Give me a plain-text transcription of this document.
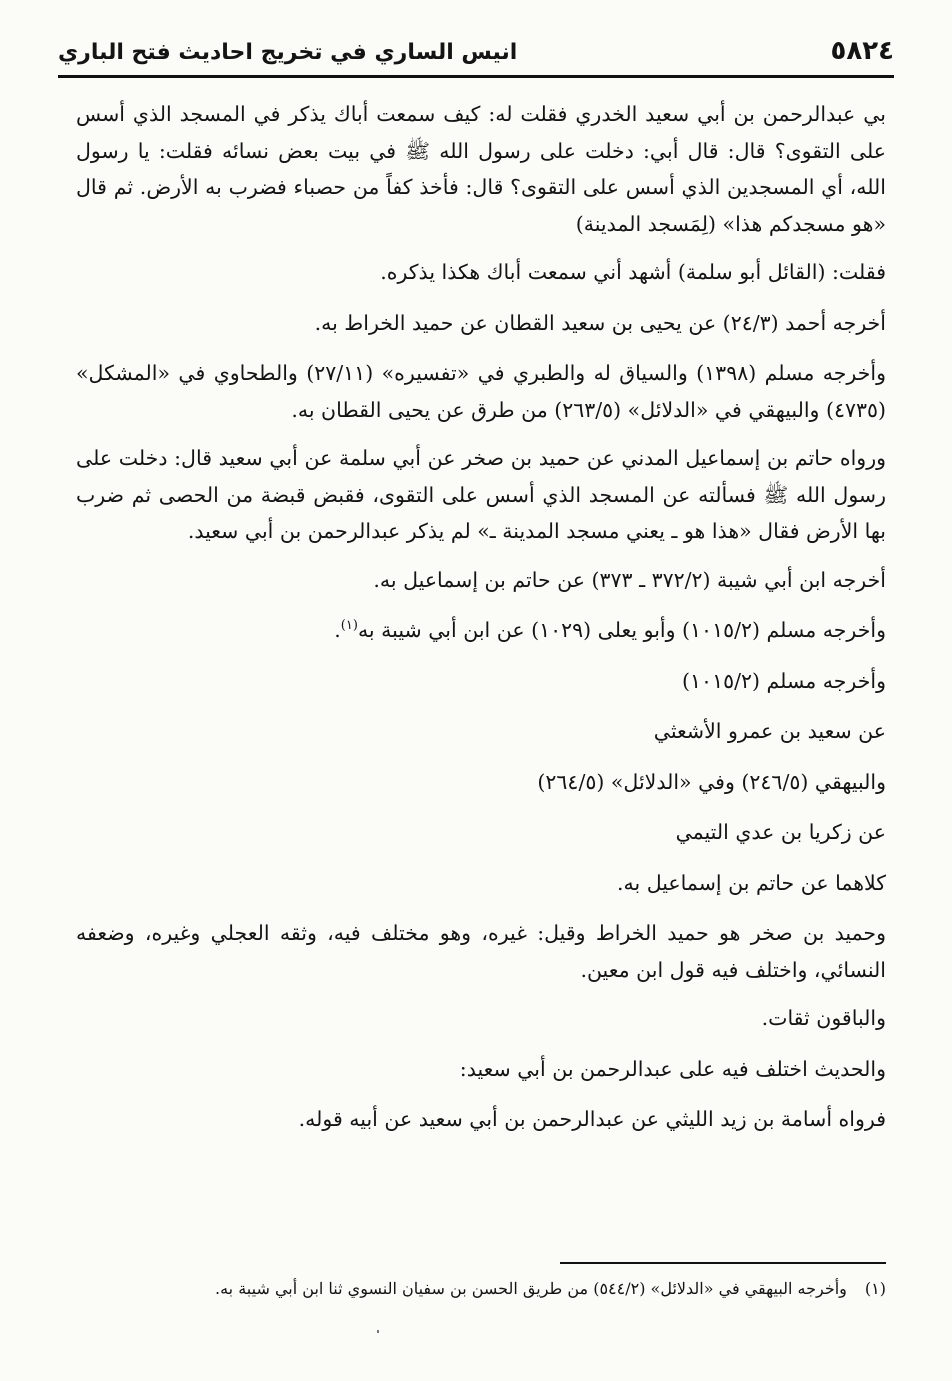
انيس الساري في تخريج احاديث فتح الباري	٥٨٢٤

بي عبدالرحمن بن أبي سعيد الخدري فقلت له: كيف سمعت أباك يذكر في المسجد الذي أسس على التقوى؟ قال: قال أبي: دخلت على رسول الله ﷺ في بيت بعض نسائه فقلت: يا رسول الله، أي المسجدين الذي أسس على التقوى؟ قال: فأخذ كفاً من حصباء فضرب به الأرض. ثم قال «هو مسجدكم هذا» (لِمَسجد المدينة)

فقلت: (القائل أبو سلمة) أشهد أني سمعت أباك هكذا يذكره.

أخرجه أحمد (٢٤/٣) عن يحيى بن سعيد القطان عن حميد الخراط به.

وأخرجه مسلم (١٣٩٨) والسياق له والطبري في «تفسيره» (٢٧/١١) والطحاوي في «المشكل» (٤٧٣٥) والبيهقي في «الدلائل» (٢٦٣/٥) من طرق عن يحيى القطان به.

ورواه حاتم بن إسماعيل المدني عن حميد بن صخر عن أبي سلمة عن أبي سعيد قال: دخلت على رسول الله ﷺ فسألته عن المسجد الذي أسس على التقوى، فقبض قبضة من الحصى ثم ضرب بها الأرض فقال «هذا هو ـ يعني مسجد المدينة ـ» لم يذكر عبدالرحمن بن أبي سعيد.

أخرجه ابن أبي شيبة (٣٧٢/٢ ـ ٣٧٣) عن حاتم بن إسماعيل به.

وأخرجه مسلم (١٠١٥/٢) وأبو يعلى (١٠٢٩) عن ابن أبي شيبة به$^{(١)}$.

وأخرجه مسلم (١٠١٥/٢)

عن سعيد بن عمرو الأشعثي

والبيهقي (٢٤٦/٥) وفي «الدلائل» (٢٦٤/٥)

عن زكريا بن عدي التيمي

كلاهما عن حاتم بن إسماعيل به.

وحميد بن صخر هو حميد الخراط وقيل: غيره، وهو مختلف فيه، وثقه العجلي وغيره، وضعفه النسائي، واختلف فيه قول ابن معين.

والباقون ثقات.

والحديث اختلف فيه على عبدالرحمن بن أبي سعيد:

فرواه أسامة بن زيد الليثي عن عبدالرحمن بن أبي سعيد عن أبيه قوله.

(١)وأخرجه البيهقي في «الدلائل» (٥٤٤/٢) من طريق الحسن بن سفيان النسوي ثنا ابن أبي شيبة به.
